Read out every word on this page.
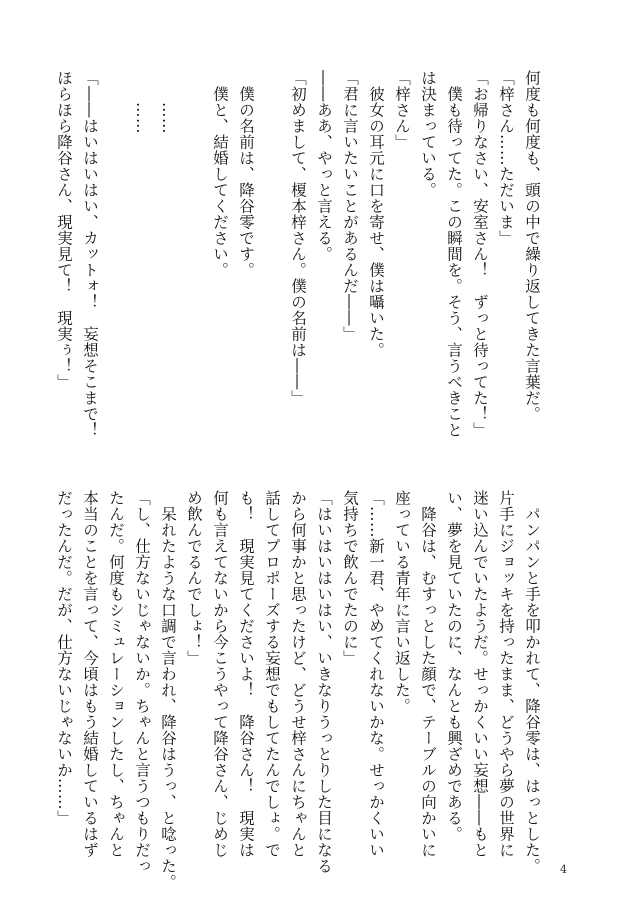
何度も何度も、頭の中で繰り返してきた言葉だ。
「梓さん……ただいま」
「お帰りなさい、安室さん！　ずっと待ってた！」
　僕も待ってた。この瞬間を。そう、言うべきこと
は決まっている。
「梓さん」
　彼女の耳元に口を寄せ、僕は囁いた。
「君に言いたいことがあるんだ――」
――ああ、やっと言える。
「初めまして、榎本梓さん。僕の名前は――」

　僕の名前は、降谷零です。
　僕と、結婚してください。

　　……
　　……

「――はいはいはい、カットォ！　妄想そこまで！
ほらほら降谷さん、現実見て！　現実ぅ！」
　パンパンと手を叩かれて、降谷零は、はっとした。
片手にジョッキを持ったまま、どうやら夢の世界に
迷い込んでいたようだ。せっかくいい妄想――もと
い、夢を見ていたのに、なんとも興ざめである。
　降谷は、むすっとした顔で、テーブルの向かいに
座っている青年に言い返した。
「……新一君、やめてくれないかな。せっかくいい
気持ちで飲んでたのに」
「はいはいはいはい、いきなりうっとりした目になる
から何事かと思ったけど、どうせ梓さんにちゃんと
話してプロポーズする妄想でもしてたんでしょ。で
も！　現実見てくださいよ！　降谷さん！　現実は
何も言えてないから今こうやって降谷さん、じめじ
め飲んでるんでしょ！」
　呆れたような口調で言われ、降谷はうっ、と唸った。
「し、仕方ないじゃないか。ちゃんと言うつもりだっ
たんだ。何度もシミュレーションしたし、ちゃんと
本当のことを言って、今頃はもう結婚しているはず
だったんだ。だが、仕方ないじゃないか……」
4
